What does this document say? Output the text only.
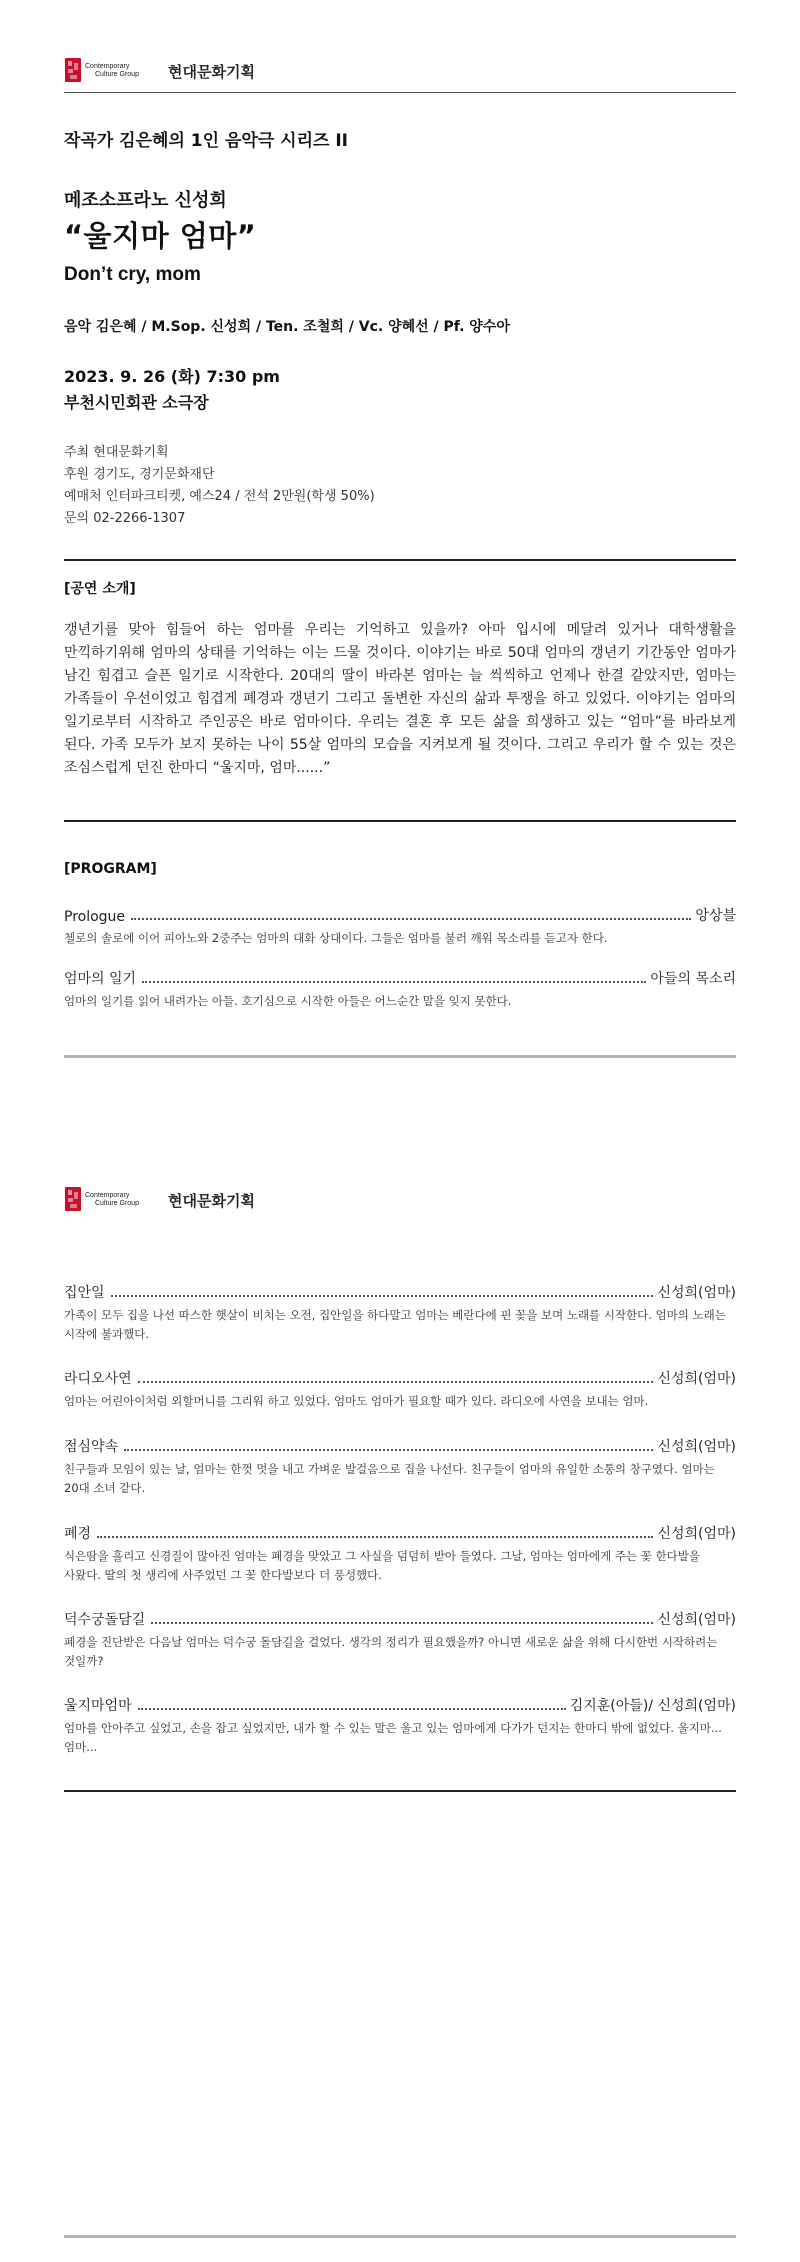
Contemporary
Culture Group 현대문화기획
작곡가 김은혜의 1인 음악극 시리즈 II
메조소프라노 신성희
“울지마 엄마”
Don’t cry, mom
음악 김은혜 / M.Sop. 신성희 / Ten. 조철희 / Vc. 양혜선 / Pf. 양수아
2023. 9. 26 (화) 7:30 pm
부천시민회관 소극장
주최 현대문화기획
후원 경기도, 경기문화재단
예매처 인터파크티켓, 예스24 / 전석 2만원(학생 50%)
문의 02-2266-1307
[공연 소개]
갱년기를 맞아 힘들어 하는 엄마를 우리는 기억하고 있을까? 아마 입시에 메달려 있거나 대학생활을 만끽하기위해 엄마의 상태를 기억하는 이는 드물 것이다. 이야기는 바로 50대 엄마의 갱년기 기간동안 엄마가 남긴 힘겹고 슬픈 일기로 시작한다. 20대의 딸이 바라본 엄마는 늘 씩씩하고 언제나 한결 같았지만, 엄마는 가족들이 우선이었고 힘겹게 폐경과 갱년기 그리고 돌변한 자신의 삶과 투쟁을 하고 있었다. 이야기는 엄마의 일기로부터 시작하고 주인공은 바로 엄마이다. 우리는 결혼 후 모든 삶을 희생하고 있는 “엄마”를 바라보게 된다. 가족 모두가 보지 못하는 나이 55살 엄마의 모습을 지켜보게 될 것이다. 그리고 우리가 할 수 있는 것은 조심스럽게 던진 한마디 “울지마, 엄마......”
[PROGRAM]
Prologue	앙상블
첼로의 솔로에 이어 피아노와 2중주는 엄마의 대화 상대이다. 그들은 엄마를 불러 깨워 목소리를 듣고자 한다.
엄마의 일기	아들의 목소리
엄마의 일기를 읽어 내려가는 아들. 호기심으로 시작한 아들은 어느순간 말을 잊지 못한다.
Contemporary
Culture Group 현대문화기획
집안일	신성희(엄마)
가족이 모두 집을 나선 따스한 햇살이 비치는 오전, 집안일을 하다말고 엄마는 베란다에 핀 꽃을 보며 노래를 시작한다. 엄마의 노래는 시작에 불과했다.
라디오사연	신성희(엄마)
엄마는 어린아이처럼 외할머니를 그리워 하고 있었다. 엄마도 엄마가 필요할 때가 있다. 라디오에 사연을 보내는 엄마.
점심약속	신성희(엄마)
친구들과 모임이 있는 날, 엄마는 한껏 멋을 내고 가벼운 발걸음으로 집을 나선다. 친구들이 엄마의 유일한 소통의 창구였다. 엄마는 20대 소녀 같다.
폐경	신성희(엄마)
식은땀을 흘리고 신경질이 많아진 엄마는 폐경을 맞았고 그 사실을 덤덤히 받아 들였다. 그날, 엄마는 엄마에게 주는 꽃 한다발을 사왔다. 딸의 첫 생리에 사주었던 그 꽃 한다발보다 더 풍성했다.
덕수궁돌담길	신성희(엄마)
폐경을 진단받은 다음날 엄마는 덕수궁 돌담길을 걸었다. 생각의 정리가 필요했을까? 아니면 새로운 삶을 위해 다시한번 시작하려는 것일까?
울지마엄마	김지훈(아들)/ 신성희(엄마)
엄마를 안아주고 싶었고, 손을 잡고 싶었지만, 내가 할 수 있는 말은 울고 있는 엄마에게 다가가 던지는 한마디 밖에 없었다. 울지마... 엄마...
